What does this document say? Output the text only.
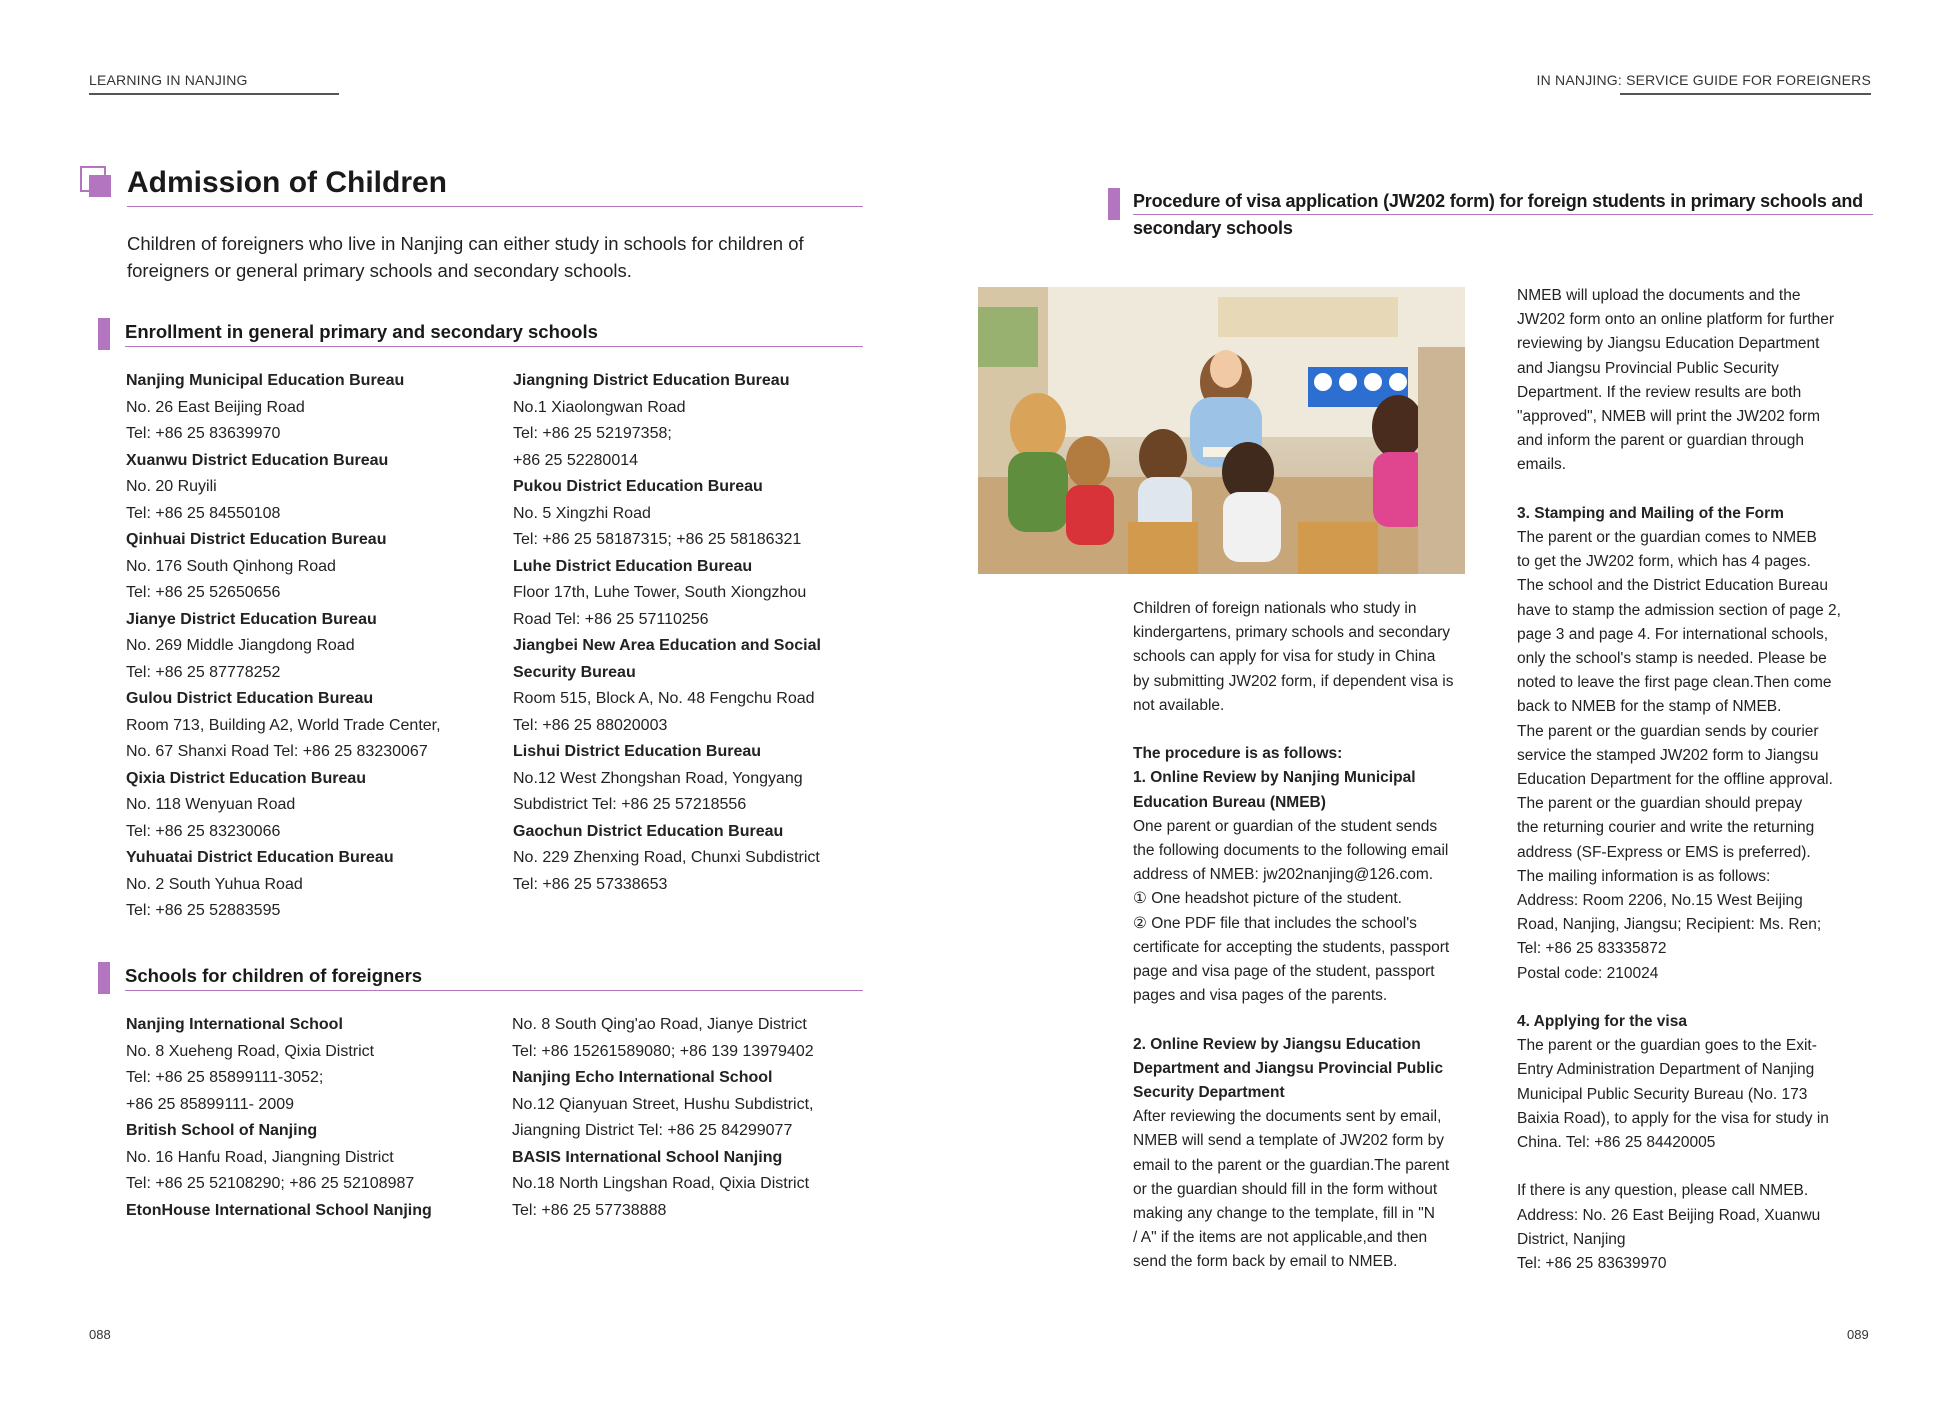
LEARNING IN NANJING	IN NANJING: SERVICE GUIDE FOR FOREIGNERS
Admission of Children

Children of foreigners who live in Nanjing can either study in schools for children of foreigners or general primary schools and secondary schools.

Enrollment in general primary and secondary schools
Nanjing Municipal Education Bureau
No. 26 East Beijing Road
Tel: +86 25 83639970
Xuanwu District Education Bureau
No. 20 Ruyili
Tel: +86 25 84550108
Qinhuai District Education Bureau
No. 176 South Qinhong Road
Tel: +86 25 52650656
Jianye District Education Bureau
No. 269 Middle Jiangdong Road
Tel: +86 25 87778252
Gulou District Education Bureau
Room 713, Building A2, World Trade Center,
No. 67 Shanxi Road Tel: +86 25 83230067
Qixia District Education Bureau
No. 118 Wenyuan Road
Tel: +86 25 83230066
Yuhuatai District Education Bureau
No. 2 South Yuhua Road
Tel: +86 25 52883595
Jiangning District Education Bureau
No.1 Xiaolongwan Road
Tel: +86 25 52197358;
+86 25 52280014
Pukou District Education Bureau
No. 5 Xingzhi Road
Tel: +86 25 58187315; +86 25 58186321
Luhe District Education Bureau
Floor 17th, Luhe Tower, South Xiongzhou
Road Tel: +86 25 57110256
Jiangbei New Area Education and Social
Security Bureau
Room 515, Block A, No. 48 Fengchu Road
Tel: +86 25 88020003
Lishui District Education Bureau
No.12 West Zhongshan Road, Yongyang
Subdistrict Tel: +86 25 57218556
Gaochun District Education Bureau
No. 229 Zhenxing Road, Chunxi Subdistrict
Tel: +86 25 57338653
Schools for children of foreigners
Nanjing International School
No. 8 Xueheng Road, Qixia District
Tel: +86 25 85899111-3052;
+86 25 85899111- 2009
British School of Nanjing
No. 16 Hanfu Road, Jiangning District
Tel: +86 25 52108290; +86 25 52108987
EtonHouse International School Nanjing
No. 8 South Qing'ao Road, Jianye District
Tel: +86 15261589080; +86 139 13979402
Nanjing Echo International School
No.12 Qianyuan Street, Hushu Subdistrict,
Jiangning District Tel: +86 25 84299077
BASIS International School Nanjing
No.18 North Lingshan Road, Qixia District
Tel: +86 25 57738888
088
Procedure of visa application (JW202 form) for foreign students in primary schools and
secondary schools
Children of foreign nationals who study in
kindergartens, primary schools and secondary
schools can apply for visa for study in China
by submitting JW202 form, if dependent visa is
not available.
The procedure is as follows:
1. Online Review by Nanjing Municipal
Education Bureau (NMEB)
One parent or guardian of the student sends
the following documents to the following email
address of NMEB: jw202nanjing@126.com.
① One headshot picture of the student.
② One PDF file that includes the school's
certificate for accepting the students, passport
page and visa page of the student, passport
pages and visa pages of the parents.
2. Online Review by Jiangsu Education
Department and Jiangsu Provincial Public
Security Department
After reviewing the documents sent by email,
NMEB will send a template of JW202 form by
email to the parent or the guardian.The parent
or the guardian should fill in the form without
making any change to the template, fill in "N
/ A" if the items are not applicable,and then
send the form back by email to NMEB.
NMEB will upload the documents and the
JW202 form onto an online platform for further
reviewing by Jiangsu Education Department
and Jiangsu Provincial Public Security
Department. If the review results are both
"approved", NMEB will print the JW202 form
and inform the parent or guardian through
emails.
3. Stamping and Mailing of the Form
The parent or the guardian comes to NMEB
to get the JW202 form, which has 4 pages.
The school and the District Education Bureau
have to stamp the admission section of page 2,
page 3 and page 4. For international schools,
only the school's stamp is needed. Please be
noted to leave the first page clean.Then come
back to NMEB for the stamp of NMEB.
The parent or the guardian sends by courier
service the stamped JW202 form to Jiangsu
Education Department for the offline approval.
The parent or the guardian should prepay
the returning courier and write the returning
address (SF-Express or EMS is preferred).
The mailing information is as follows:
Address: Room 2206, No.15 West Beijing
Road, Nanjing, Jiangsu; Recipient: Ms. Ren;
Tel: +86 25 83335872
Postal code: 210024
4. Applying for the visa
The parent or the guardian goes to the Exit-
Entry Administration Department of Nanjing
Municipal Public Security Bureau (No. 173
Baixia Road), to apply for the visa for study in
China. Tel: +86 25 84420005
If there is any question, please call NMEB.
Address: No. 26 East Beijing Road, Xuanwu
District, Nanjing
Tel: +86 25 83639970
089
